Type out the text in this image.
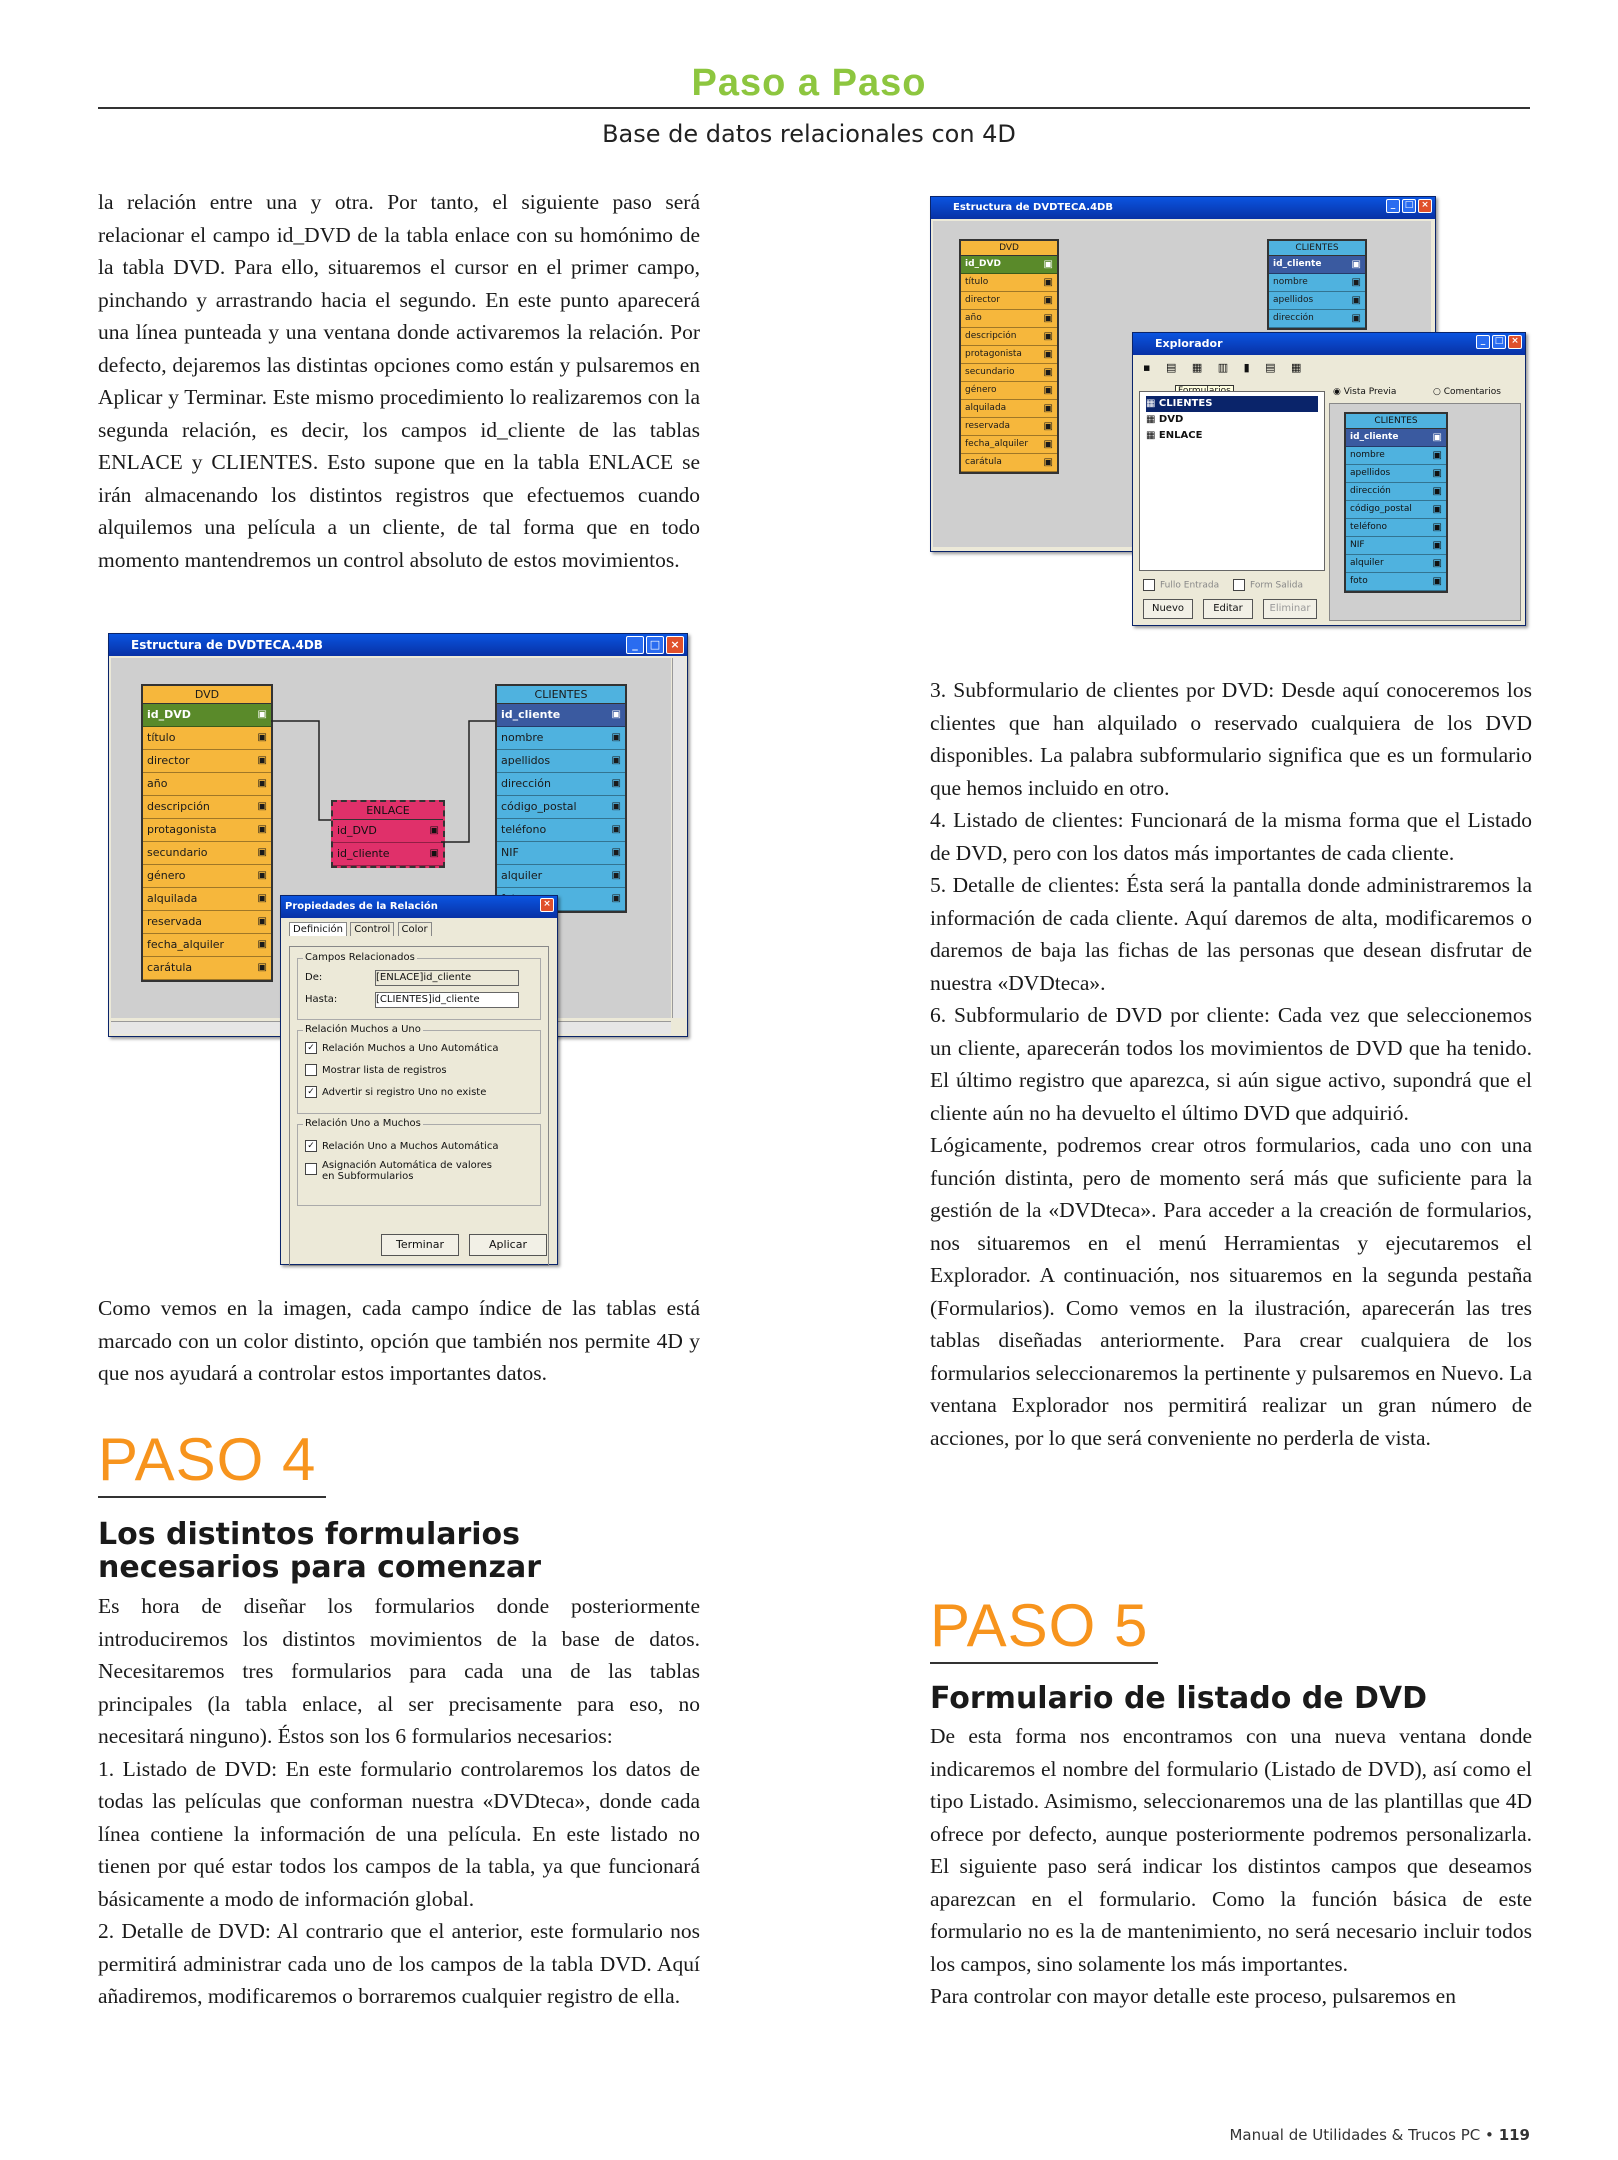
Paso a Paso
Base de datos relacionales con 4D

la relación entre una y otra. Por tanto, el siguiente paso será relacionar el campo id_DVD de la tabla enlace con su homónimo de la tabla DVD. Para ello, situaremos el cursor en el primer campo, pinchando y arrastrando hacia el segundo. En este punto aparecerá una línea punteada y una ventana donde activaremos la relación. Por defecto, dejaremos las distintas opciones como están y pulsaremos en Aplicar y Terminar. Este mismo procedimiento lo realizaremos con la segunda relación, es decir, los campos id_cliente de las tablas ENLACE y CLIENTES. Esto supone que en la tabla ENLACE se irán almacenando los distintos registros que efectuemos cuando alquilemos una película a un cliente, de tal forma que en todo momento mantendremos un control absoluto de estos movimientos.

Estructura de DVDTECA.4DB	_	□ ×
DVD
id_DVD	▣
título	▣
director	▣
año	▣
descripción	▣
protagonista	▣
secundario	▣
género	▣
alquilada	▣
reservada	▣
fecha_alquiler	▣
carátula	▣
CLIENTES
id_cliente	▣
nombre	▣
apellidos	▣
dirección	▣
código_postal	▣
teléfono	▣
NIF	▣
alquiler	▣
▣
ENLACE
id_DVD	▣
id_cliente	▣
Propiedades de la Relación	×
Definición Control Color
Campos Relacionados
De:	[ENLACE]id_cliente
Hasta:	[CLIENTES]id_cliente
Relación Muchos a Uno
✓ Relación Muchos a Uno Automática
Mostrar lista de registros
✓ Advertir si registro Uno no existe
Relación Uno a Muchos
✓ Relación Uno a Muchos Automática
Asignación Automática de valores en Subformularios
Terminar	Aplicar

Como vemos en la imagen, cada campo índice de las tablas está marcado con un color distinto, opción que también nos permite 4D y que nos ayudará a controlar estos importantes datos.

PASO 4
Los distintos formularios necesarios para comenzar

Es hora de diseñar los formularios donde posteriormente introduciremos los distintos movimientos de la base de datos. Necesitaremos tres formularios para cada una de las tablas principales (la tabla enlace, al ser precisamente para eso, no necesitará ninguno). Éstos son los 6 formularios necesarios:

1. Listado de DVD: En este formulario controlaremos los datos de todas las películas que conforman nuestra «DVDteca», donde cada línea contiene la información de una película. En este listado no tienen por qué estar todos los campos de la tabla, ya que funcionará básicamente a modo de información global.

2. Detalle de DVD: Al contrario que el anterior, este formulario nos permitirá administrar cada uno de los campos de la tabla DVD. Aquí añadiremos, modificaremos o borraremos cualquier registro de ella.

Estructura de DVDTECA.4DB	_	□ ×
DVD
id_DVD	▣
título	▣
director	▣
año	▣
descripción	▣
protagonista ▣
secundario	▣
género	▣
alquilada	▣
reservada	▣
fecha_alquiler ▣
carátula	▣
CLIENTES
id_cliente	▣
nombre	▣
apellidos	▣
dirección	▣
Explorador	_	□ ×
▪ ▤ ▦ ▥ ▮ ▤ ▦
▦ CLIENTES
▦ DVD
▦ ENLACE
◉ Vista Previa	○ Comentarios
CLIENTES
id_cliente	▣
nombre	▣
apellidos	▣
dirección	▣
código_postal ▣
teléfono	▣
NIF	▣
alquiler	▣
foto	▣
Fullo Entrada	Form Salida
Nuevo	Editar	Eliminar

3. Subformulario de clientes por DVD: Desde aquí conoceremos los clientes que han alquilado o reservado cualquiera de los DVD disponibles. La palabra subformulario significa que es un formulario que hemos incluido en otro.

4. Listado de clientes: Funcionará de la misma forma que el Listado de DVD, pero con los datos más importantes de cada cliente.

5. Detalle de clientes: Ésta será la pantalla donde administraremos la información de cada cliente. Aquí daremos de alta, modificaremos o daremos de baja las fichas de las personas que desean disfrutar de nuestra «DVDteca».

6. Subformulario de DVD por cliente: Cada vez que seleccionemos un cliente, aparecerán todos los movimientos de DVD que ha tenido. El último registro que aparezca, si aún sigue activo, supondrá que el cliente aún no ha devuelto el último DVD que adquirió.

Lógicamente, podremos crear otros formularios, cada uno con una función distinta, pero de momento será más que suficiente para la gestión de la «DVDteca». Para acceder a la creación de formularios, nos situaremos en el menú Herramientas y ejecutaremos el Explorador. A continuación, nos situaremos en la segunda pestaña (Formularios). Como vemos en la ilustración, aparecerán las tres tablas diseñadas anteriormente. Para crear cualquiera de los formularios seleccionaremos la pertinente y pulsaremos en Nuevo. La ventana Explorador nos permitirá realizar un gran número de acciones, por lo que será conveniente no perderla de vista.

PASO 5
Formulario de listado de DVD

De esta forma nos encontramos con una nueva ventana donde indicaremos el nombre del formulario (Listado de DVD), así como el tipo Listado. Asimismo, seleccionaremos una de las plantillas que 4D ofrece por defecto, aunque posteriormente podremos personalizarla. El siguiente paso será indicar los distintos campos que deseamos aparezcan en el formulario. Como la función básica de este formulario no es la de mantenimiento, no será necesario incluir todos los campos, sino solamente los más importantes.

Para controlar con mayor detalle este proceso, pulsaremos en

Manual de Utilidades & Trucos PC • 119
